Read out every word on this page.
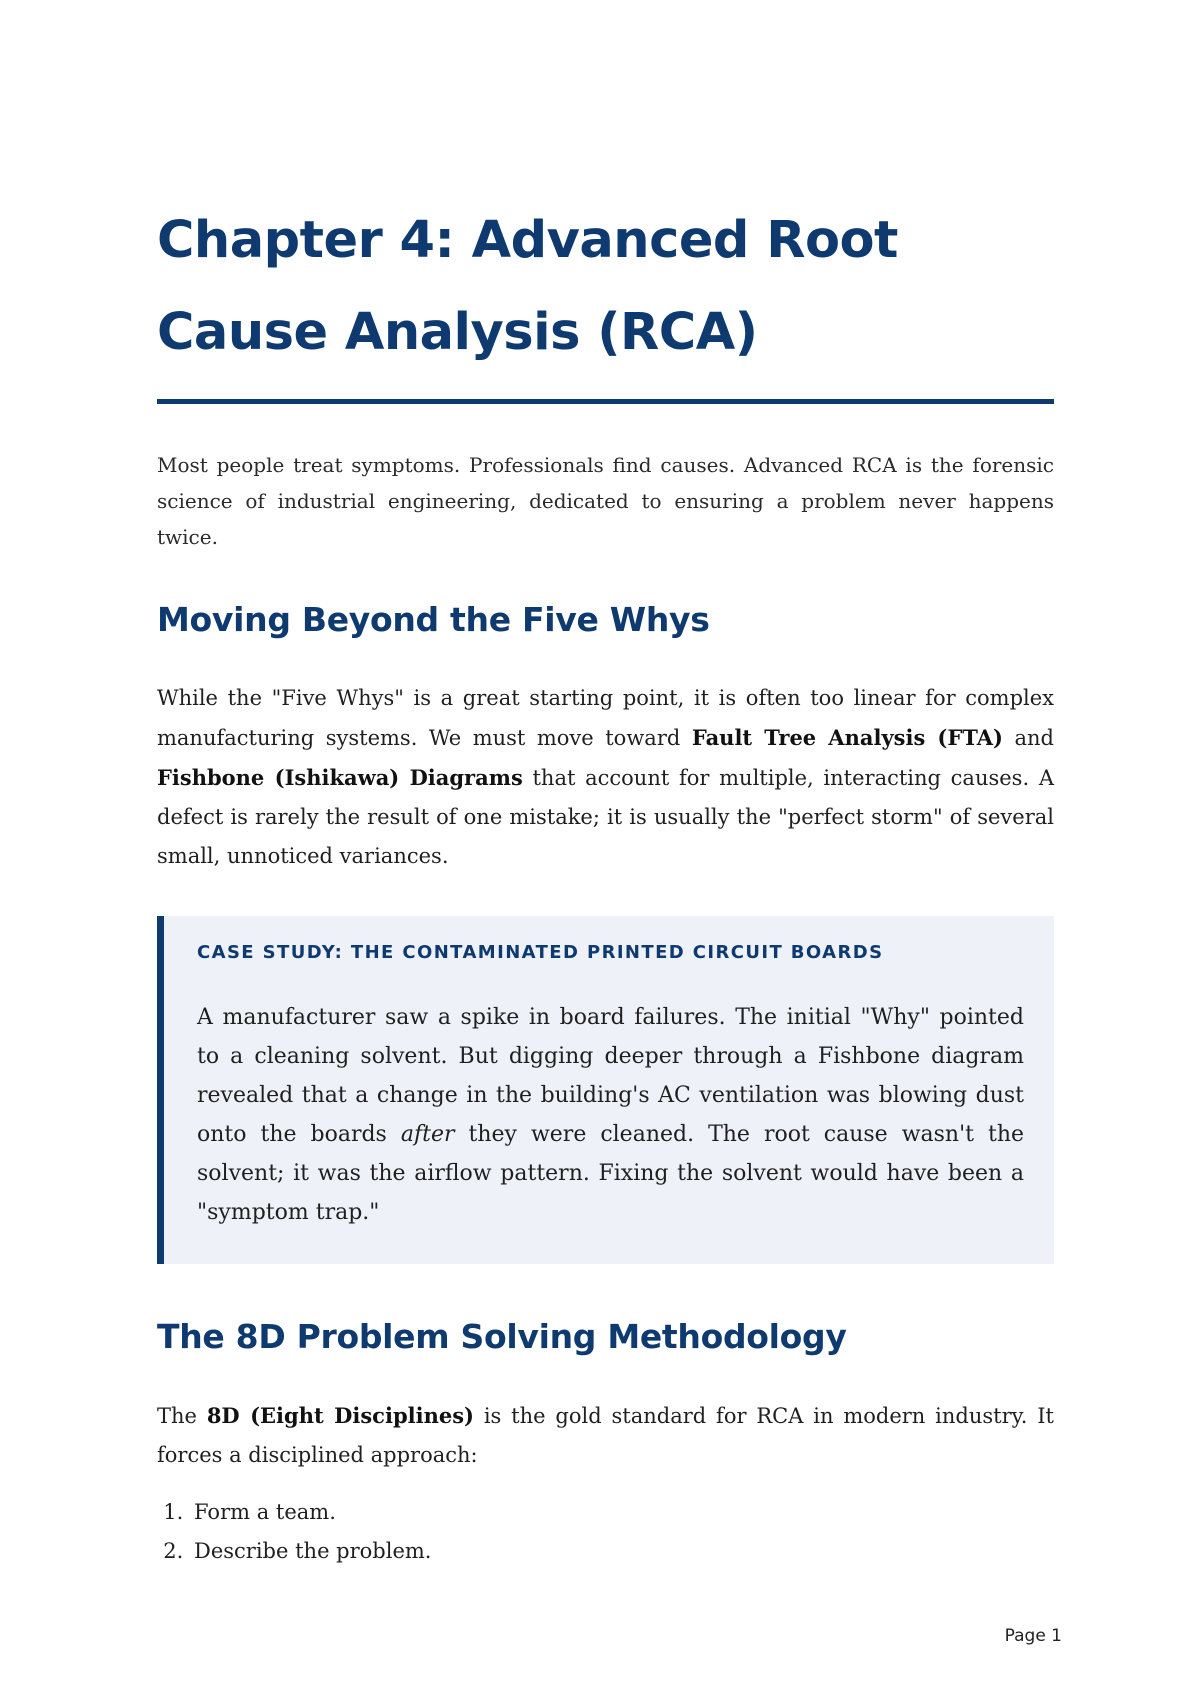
Chapter 4: Advanced Root Cause Analysis (RCA)

Most people treat symptoms. Professionals find causes. Advanced RCA is the forensic science of industrial engineering, dedicated to ensuring a problem never happens twice.

Moving Beyond the Five Whys

While the "Five Whys" is a great starting point, it is often too linear for complex manufacturing systems. We must move toward Fault Tree Analysis (FTA) and Fishbone (Ishikawa) Diagrams that account for multiple, interacting causes. A defect is rarely the result of one mistake; it is usually the "perfect storm" of several small, unnoticed variances.

CASE STUDY: THE CONTAMINATED PRINTED CIRCUIT BOARDS

A manufacturer saw a spike in board failures. The initial "Why" pointed to a cleaning solvent. But digging deeper through a Fishbone diagram revealed that a change in the building's AC ventilation was blowing dust onto the boards after they were cleaned. The root cause wasn't the solvent; it was the airflow pattern. Fixing the solvent would have been a "symptom trap."

The 8D Problem Solving Methodology

The 8D (Eight Disciplines) is the gold standard for RCA in modern industry. It forces a disciplined approach:

1. Form a team.
2. Describe the problem.
Page 1
